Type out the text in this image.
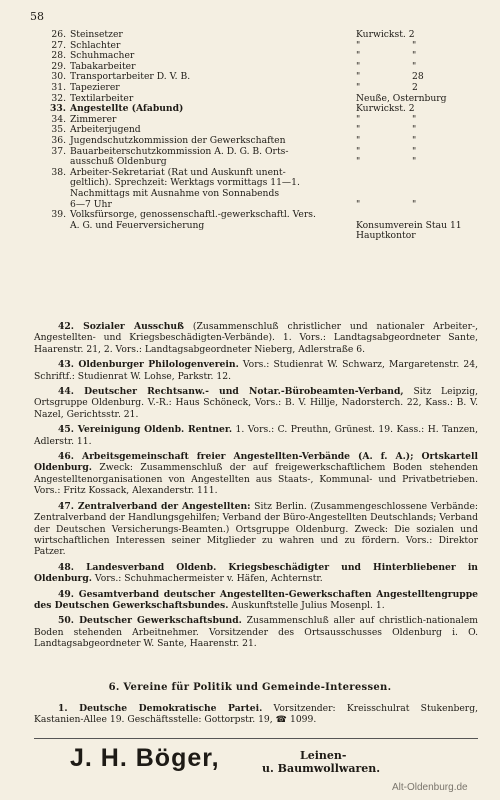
58
26. Steinsetzer	Kurwickst. 2
27. Schlachter	"	"
28. Schuhmacher	"	"
29. Tabakarbeiter	"	"
30. Transportarbeiter D. V. B.	"	28
31. Tapezierer	"	2
32. Textilarbeiter	Neuße, Osternburg
33. Angestellte (Afabund)	Kurwickst. 2
34. Zimmerer	"	"
35. Arbeiterjugend	"	"
36. Jugendschutzkommission der Gewerkschaften	"	"
37. Bauarbeiterschutzkommission A. D. G. B. Orts-	"	"
ausschuß Oldenburg	"	"
38. Arbeiter-Sekretariat (Rat und Auskunft unent-
geltlich). Sprechzeit: Werktags vormittags 11—1.
Nachmittags mit Ausnahme von Sonnabends
6—7 Uhr	"	"
39. Volksfürsorge, genossenschaftl.-gewerkschaftl. Vers.
A. G. und Feuerversicherung	Konsumverein Stau 11
Hauptkontor
42. Sozialer Ausschuß (Zusammenschluß christlicher und nationaler Arbeiter-, Angestellten- und Kriegsbeschädigten-Verbände). 1. Vors.: Landtagsabgeordneter Sante, Haarenstr. 21, 2. Vors.: Landtagsabgeordneter Nieberg, Adlerstraße 6.
43. Oldenburger Philologenverein. Vors.: Studienrat W. Schwarz, Margaretenstr. 24, Schriftf.: Studienrat W. Lohse, Parkstr. 12.
44. Deutscher Rechtsanw.- und Notar.-Bürobeamten-Verband, Sitz Leipzig, Ortsgruppe Oldenburg. V.-R.: Haus Schöneck, Vors.: B. V. Hillje, Nadorsterch. 22, Kass.: B. V. Nazel, Gerichtsstr. 21.
45. Vereinigung Oldenb. Rentner. 1. Vors.: C. Preuthn, Grünest. 19. Kass.: H. Tanzen, Adlerstr. 11.
46. Arbeitsgemeinschaft freier Angestellten-Verbände (A. f. A.); Ortskartell Oldenburg. Zweck: Zusammenschluß der auf freigewerkschaftlichem Boden stehenden Angestelltenorganisationen von Angestellten aus Staats-, Kommunal- und Privatbetrieben. Vors.: Fritz Kossack, Alexanderstr. 111.
47. Zentralverband der Angestellten: Sitz Berlin. (Zusammengeschlossene Verbände: Zentralverband der Handlungsgehilfen; Verband der Büro-Angestellten Deutschlands; Verband der Deutschen Versicherungs-Beamten.) Ortsgruppe Oldenburg. Zweck: Die sozialen und wirtschaftlichen Interessen seiner Mitglieder zu wahren und zu fördern. Vors.: Direktor Patzer.
48. Landesverband Oldenb. Kriegsbeschädigter und Hinterbliebener in Oldenburg. Vors.: Schuhmachermeister v. Häfen, Achternstr.
49. Gesamtverband deutscher Angestellten-Gewerkschaften Angestelltengruppe des Deutschen Gewerkschaftsbundes. Auskunftstelle Julius Mosenpl. 1.
50. Deutscher Gewerkschaftsbund. Zusammenschluß aller auf christlich-nationalem Boden stehenden Arbeitnehmer. Vorsitzender des Ortsausschusses Oldenburg i. O. Landtagsabgeordneter W. Sante, Haarenstr. 21.
6. Vereine für Politik und Gemeinde-Interessen.
1. Deutsche Demokratische Partei. Vorsitzender: Kreisschulrat Stukenberg, Kastanien-Allee 19. Geschäftsstelle: Gottorpstr. 19, ☎ 1099.
J. H. Böger,	Leinen-
u. Baumwollwaren.
Alt-Oldenburg.de
